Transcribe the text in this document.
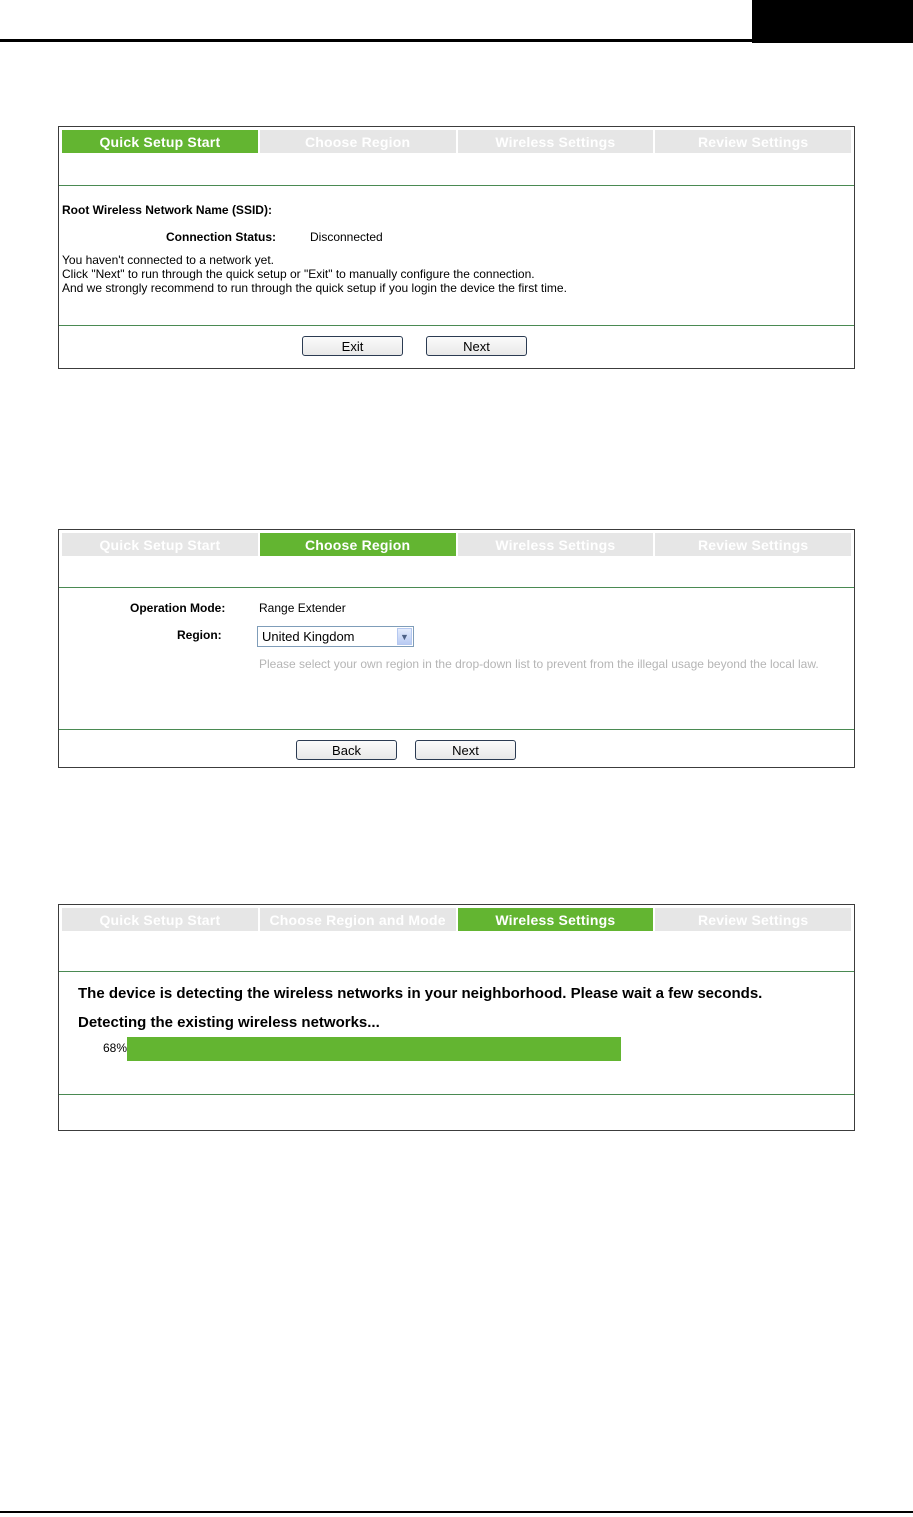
Quick Setup Start	Choose Region	Wireless Settings	Review Settings
Root Wireless Network Name (SSID):
Connection Status:	Disconnected
You haven't connected to a network yet.
Click "Next" to run through the quick setup or "Exit" to manually configure the connection.
And we strongly recommend to run through the quick setup if you login the device the first time.
Exit	Next
Quick Setup Start	Choose Region	Wireless Settings	Review Settings
Operation Mode:	Range Extender
Region:	United Kingdom	▼
Please select your own region in the drop-down list to prevent from the illegal usage beyond the local law.
Back	Next
Quick Setup Start	Choose Region and Mode	Wireless Settings	Review Settings
The device is detecting the wireless networks in your neighborhood. Please wait a few seconds.
Detecting the existing wireless networks...
68%
